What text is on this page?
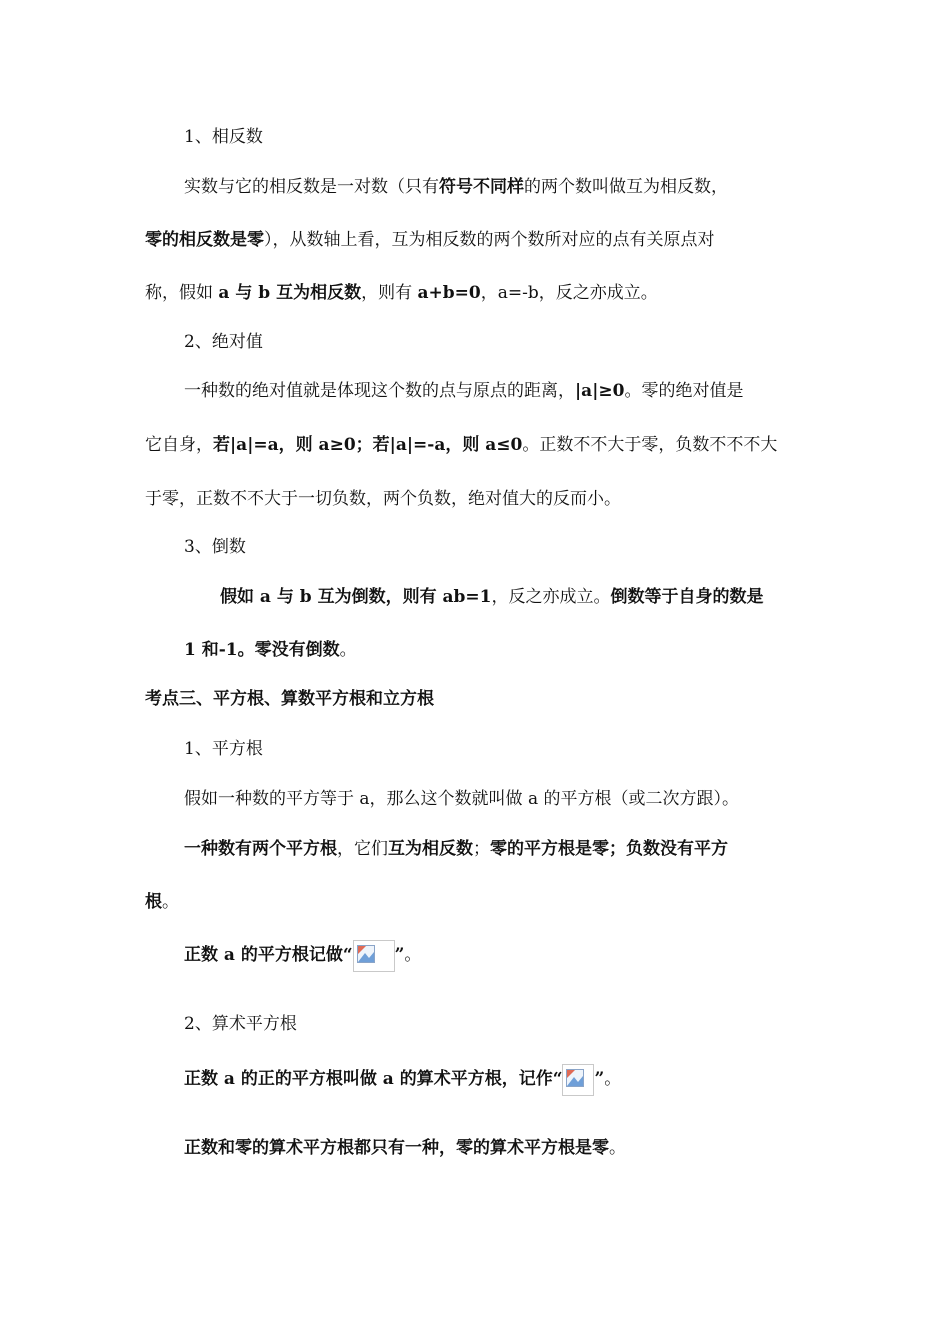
1、相反数
实数与它的相反数是一对数（只有符号不同样的两个数叫做互为相反数，
零的相反数是零），从数轴上看，互为相反数的两个数所对应的点有关原点对
称，假如 a 与 b 互为相反数，则有 a+b=0，a=-b，反之亦成立。
2、绝对值
一种数的绝对值就是体现这个数的点与原点的距离，|a|≥0。零的绝对值是
它自身，若|a|=a，则 a≥0；若|a|=-a，则 a≤0。正数不不大于零，负数不不不大
于零，正数不不大于一切负数，两个负数，绝对值大的反而小。
3、倒数
假如 a 与 b 互为倒数，则有 ab=1，反之亦成立。倒数等于自身的数是
1 和-1。零没有倒数。
考点三、平方根、算数平方根和立方根
1、平方根
假如一种数的平方等于 a，那么这个数就叫做 a 的平方根（或二次方跟）。
一种数有两个平方根，它们互为相反数；零的平方根是零；负数没有平方
根。
正数 a 的平方根记做“ ”。
2、算术平方根
正数 a 的正的平方根叫做 a 的算术平方根，记作“ ”。
正数和零的算术平方根都只有一种，零的算术平方根是零。
